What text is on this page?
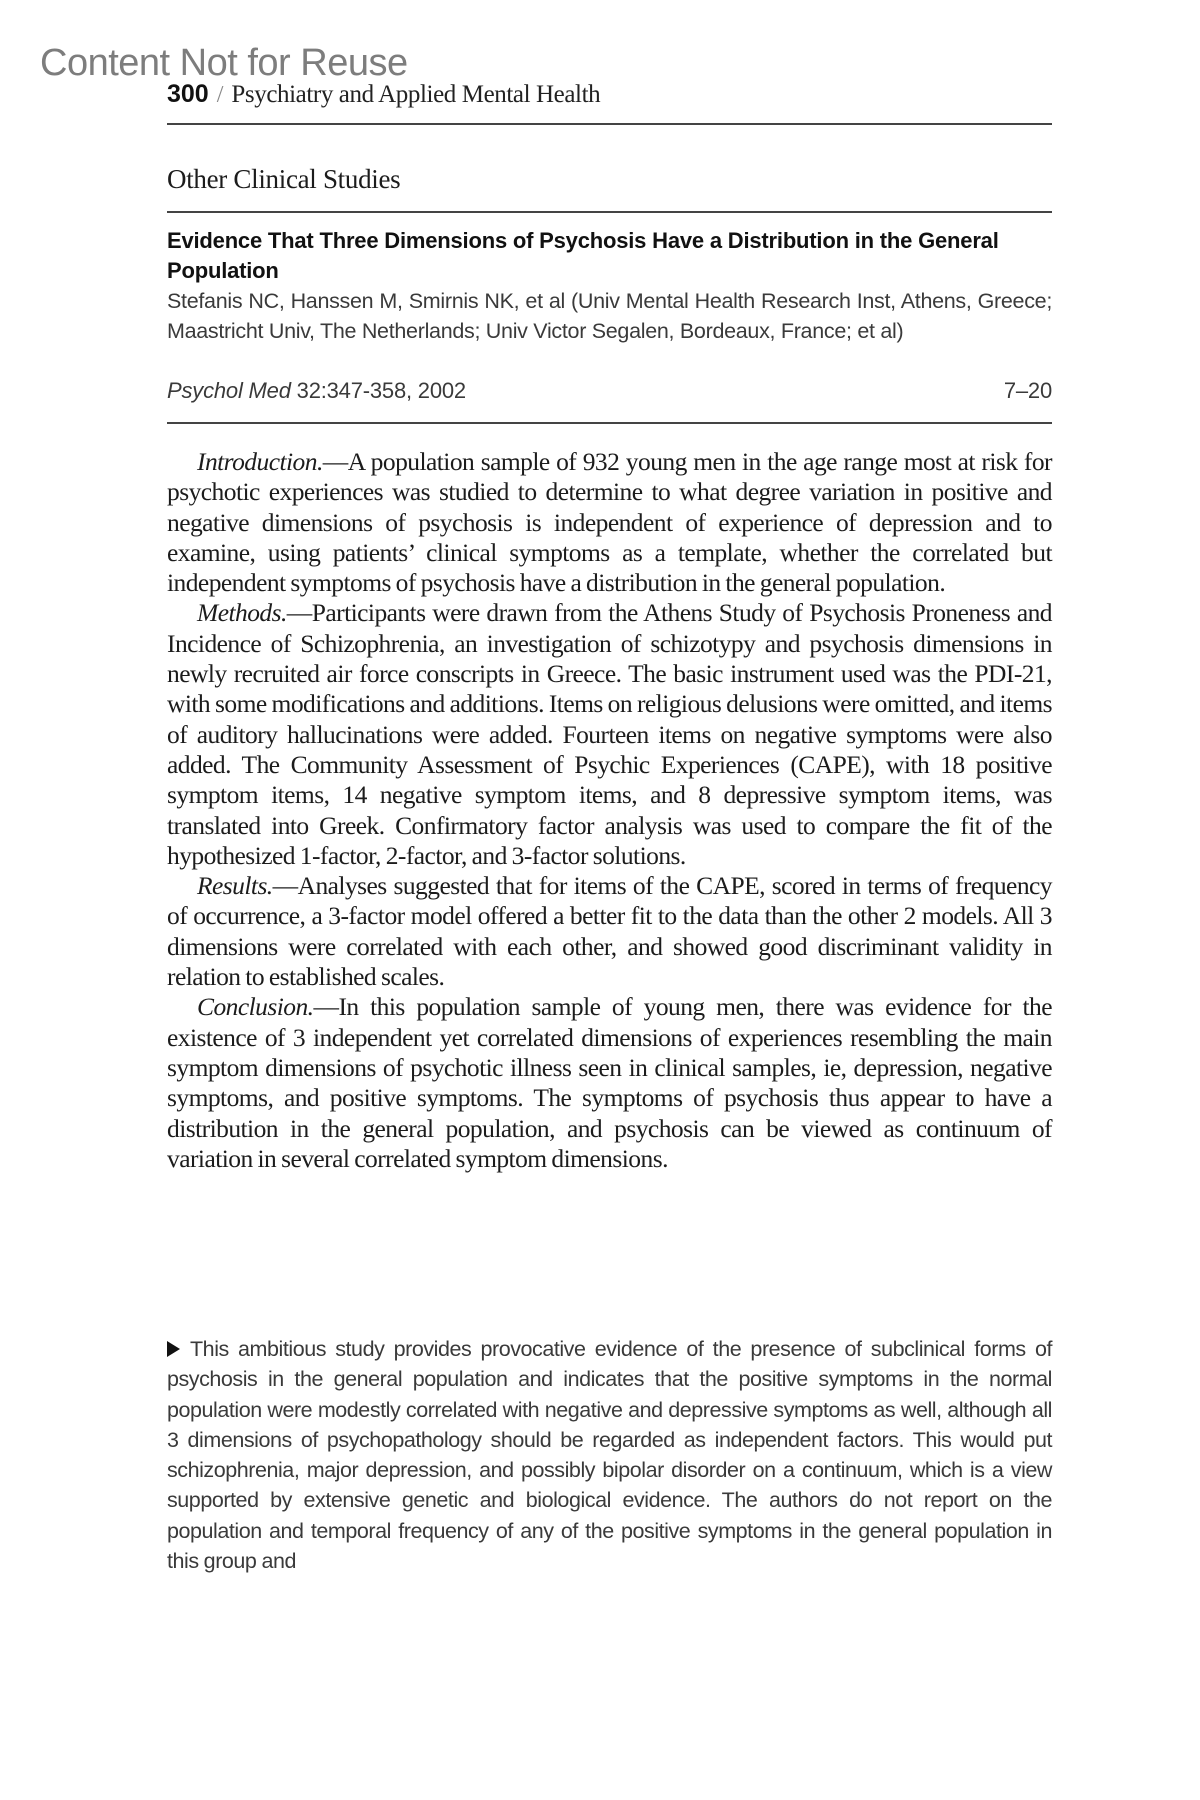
Content Not for Reuse
300 / Psychiatry and Applied Mental Health
Other Clinical Studies
Evidence That Three Dimensions of Psychosis Have a Distribution in the General Population
Stefanis NC, Hanssen M, Smirnis NK, et al (Univ Mental Health Research Inst, Athens, Greece; Maastricht Univ, The Netherlands; Univ Victor Segalen, Bordeaux, France; et al)
Psychol Med 32:347-358, 2002	7–20

Introduction.—A population sample of 932 young men in the age range most at risk for psychotic experiences was studied to determine to what degree variation in positive and negative dimensions of psychosis is independent of experience of depression and to examine, using patients’ clinical symptoms as a template, whether the correlated but independent symptoms of psychosis have a distribution in the general population.

Methods.—Participants were drawn from the Athens Study of Psychosis Proneness and Incidence of Schizophrenia, an investigation of schizotypy and psychosis dimensions in newly recruited air force conscripts in Greece. The basic instrument used was the PDI-21, with some modifications and additions. Items on religious delusions were omitted, and items of auditory hallucinations were added. Fourteen items on negative symptoms were also added. The Community Assessment of Psychic Experiences (CAPE), with 18 positive symptom items, 14 negative symptom items, and 8 depressive symptom items, was translated into Greek. Confirmatory factor analysis was used to compare the fit of the hypothesized 1-factor, 2-factor, and 3-factor solutions.

Results.—Analyses suggested that for items of the CAPE, scored in terms of frequency of occurrence, a 3-factor model offered a better fit to the data than the other 2 models. All 3 dimensions were correlated with each other, and showed good discriminant validity in relation to established scales.

Conclusion.—In this population sample of young men, there was evidence for the existence of 3 independent yet correlated dimensions of experiences resembling the main symptom dimensions of psychotic illness seen in clinical samples, ie, depression, negative symptoms, and positive symptoms. The symptoms of psychosis thus appear to have a distribution in the general population, and psychosis can be viewed as continuum of variation in several correlated symptom dimensions.

This ambitious study provides provocative evidence of the presence of subclinical forms of psychosis in the general population and indicates that the positive symptoms in the normal population were modestly correlated with negative and depressive symptoms as well, although all 3 dimensions of psychopathology should be regarded as independent factors. This would put schizophrenia, major depression, and possibly bipolar disorder on a continuum, which is a view supported by extensive genetic and biological evidence. The authors do not report on the population and temporal frequency of any of the positive symptoms in the general population in this group and
